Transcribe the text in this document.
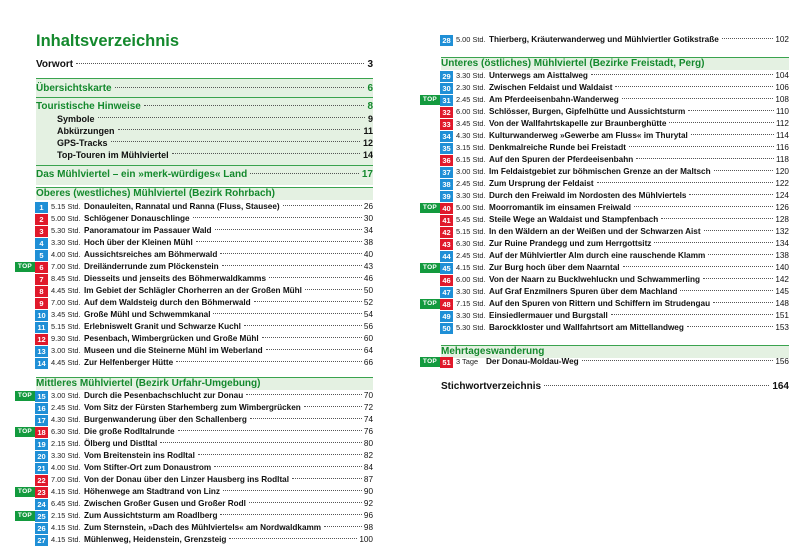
Inhaltsverzeichnis
Vorwort	3
Übersichtskarte	6
Touristische Hinweise	8
Symbole	9
Abkürzungen	11
GPS-Tracks	12
Top-Touren im Mühlviertel	14
Das Mühlviertel – ein »merk-würdiges« Land	17
Oberes (westliches) Mühlviertel (Bezirk Rohrbach)
1	5.15 Std. Donauleiten, Rannatal und Ranna (Fluss, Stausee)	26
2	5.00 Std. Schlögener Donauschlinge	30
3	5.30 Std. Panoramatour im Passauer Wald	34
4	3.30 Std. Hoch über der Kleinen Mühl	38
5	4.00 Std. Aussichtsreiches am Böhmerwald	40
TOP 6	7.00 Std. Dreiländerrunde zum Plöckenstein	43
7	8.45 Std. Diesseits und jenseits des Böhmerwaldkamms	46
8	4.45 Std. Im Gebiet der Schlägler Chorherren an der Großen Mühl	50
9	7.00 Std. Auf dem Waldsteig durch den Böhmerwald	52
10 3.45 Std. Große Mühl und Schwemmkanal	54
11 5.15 Std. Erlebniswelt Granit und Schwarze Kuchl	56
12 9.30 Std. Pesenbach, Wimbergrücken und Große Mühl	60
13 3.00 Std. Museen und die Steinerne Mühl im Weberland	64
14 4.45 Std. Zur Helfenberger Hütte	66
Mittleres Mühlviertel (Bezirk Urfahr-Umgebung)
TOP 15 3.00 Std. Durch die Pesenbachschlucht zur Donau	70
16 2.45 Std. Vom Sitz der Fürsten Starhemberg zum Wimbergrücken	72
17 4.30 Std. Burgenwanderung über den Schallenberg	74
TOP 18 6.30 Std. Die große Rodltalrunde	76
19 2.15 Std. Ölberg und Distltal	80
20 3.30 Std. Vom Breitenstein ins Rodltal	82
21 4.00 Std. Vom Stifter-Ort zum Donaustrom	84
22 7.00 Std. Von der Donau über den Linzer Hausberg ins Rodltal	87
TOP 23 4.15 Std. Höhenwege am Stadtrand von Linz	90
24 6.45 Std. Zwischen Großer Gusen und Großer Rodl	92
TOP 25 2.15 Std. Zum Aussichtsturm am Roadlberg	96
26 4.15 Std. Zum Sternstein, »Dach des Mühlviertels« am Nordwaldkamm	98
27 4.15 Std. Mühlenweg, Heidenstein, Grenzsteig	100
28 5.00 Std. Thierberg, Kräuterwanderweg und Mühlviertler Gotikstraße	102
Unteres (östliches) Mühlviertel (Bezirke Freistadt, Perg)
29 3.30 Std. Unterwegs am Aisttalweg	104
30 2.30 Std. Zwischen Feldaist und Waldaist	106
TOP 31 2.45 Std. Am Pferdeeisenbahn-Wanderweg	108
32 6.00 Std. Schlösser, Burgen, Gipfelhütte und Aussichtsturm	110
33 3.45 Std. Von der Wallfahrtskapelle zur Braunberghütte	112
34 4.30 Std. Kulturwanderweg »Gewerbe am Fluss« im Thurytal	114
35 3.15 Std. Denkmalreiche Runde bei Freistadt	116
36 6.15 Std. Auf den Spuren der Pferdeeisenbahn	118
37 3.00 Std. Im Feldaistgebiet zur böhmischen Grenze an der Maltsch	120
38 2.45 Std. Zum Ursprung der Feldaist	122
39 3.30 Std. Durch den Freiwald im Nordosten des Mühlviertels	124
TOP 40 5.00 Std. Moorromantik im einsamen Freiwald	126
41 5.45 Std. Steile Wege an Waldaist und Stampfenbach	128
42 5.15 Std. In den Wäldern an der Weißen und der Schwarzen Aist	132
43 6.30 Std. Zur Ruine Prandegg und zum Herrgottsitz	134
44 2.45 Std. Auf der Mühlviertler Alm durch eine rauschende Klamm	138
TOP 45 4.15 Std. Zur Burg hoch über dem Naarntal	140
46 6.00 Std. Von der Naarn zu Bucklwehluckn und Schwammerling	142
47 3.30 Std. Auf Graf Enzmilners Spuren über dem Machland	145
TOP 48 7.15 Std. Auf den Spuren von Rittern und Schiffern im Strudengau	148
49 3.30 Std. Einsiedlermauer und Burgstall	151
50 5.30 Std. Barockkloster und Wallfahrtsort am Mittellandweg	153
Mehrtageswanderung
TOP 51 3 Tage Der Donau-Moldau-Weg	156
Stichwortverzeichnis	164
